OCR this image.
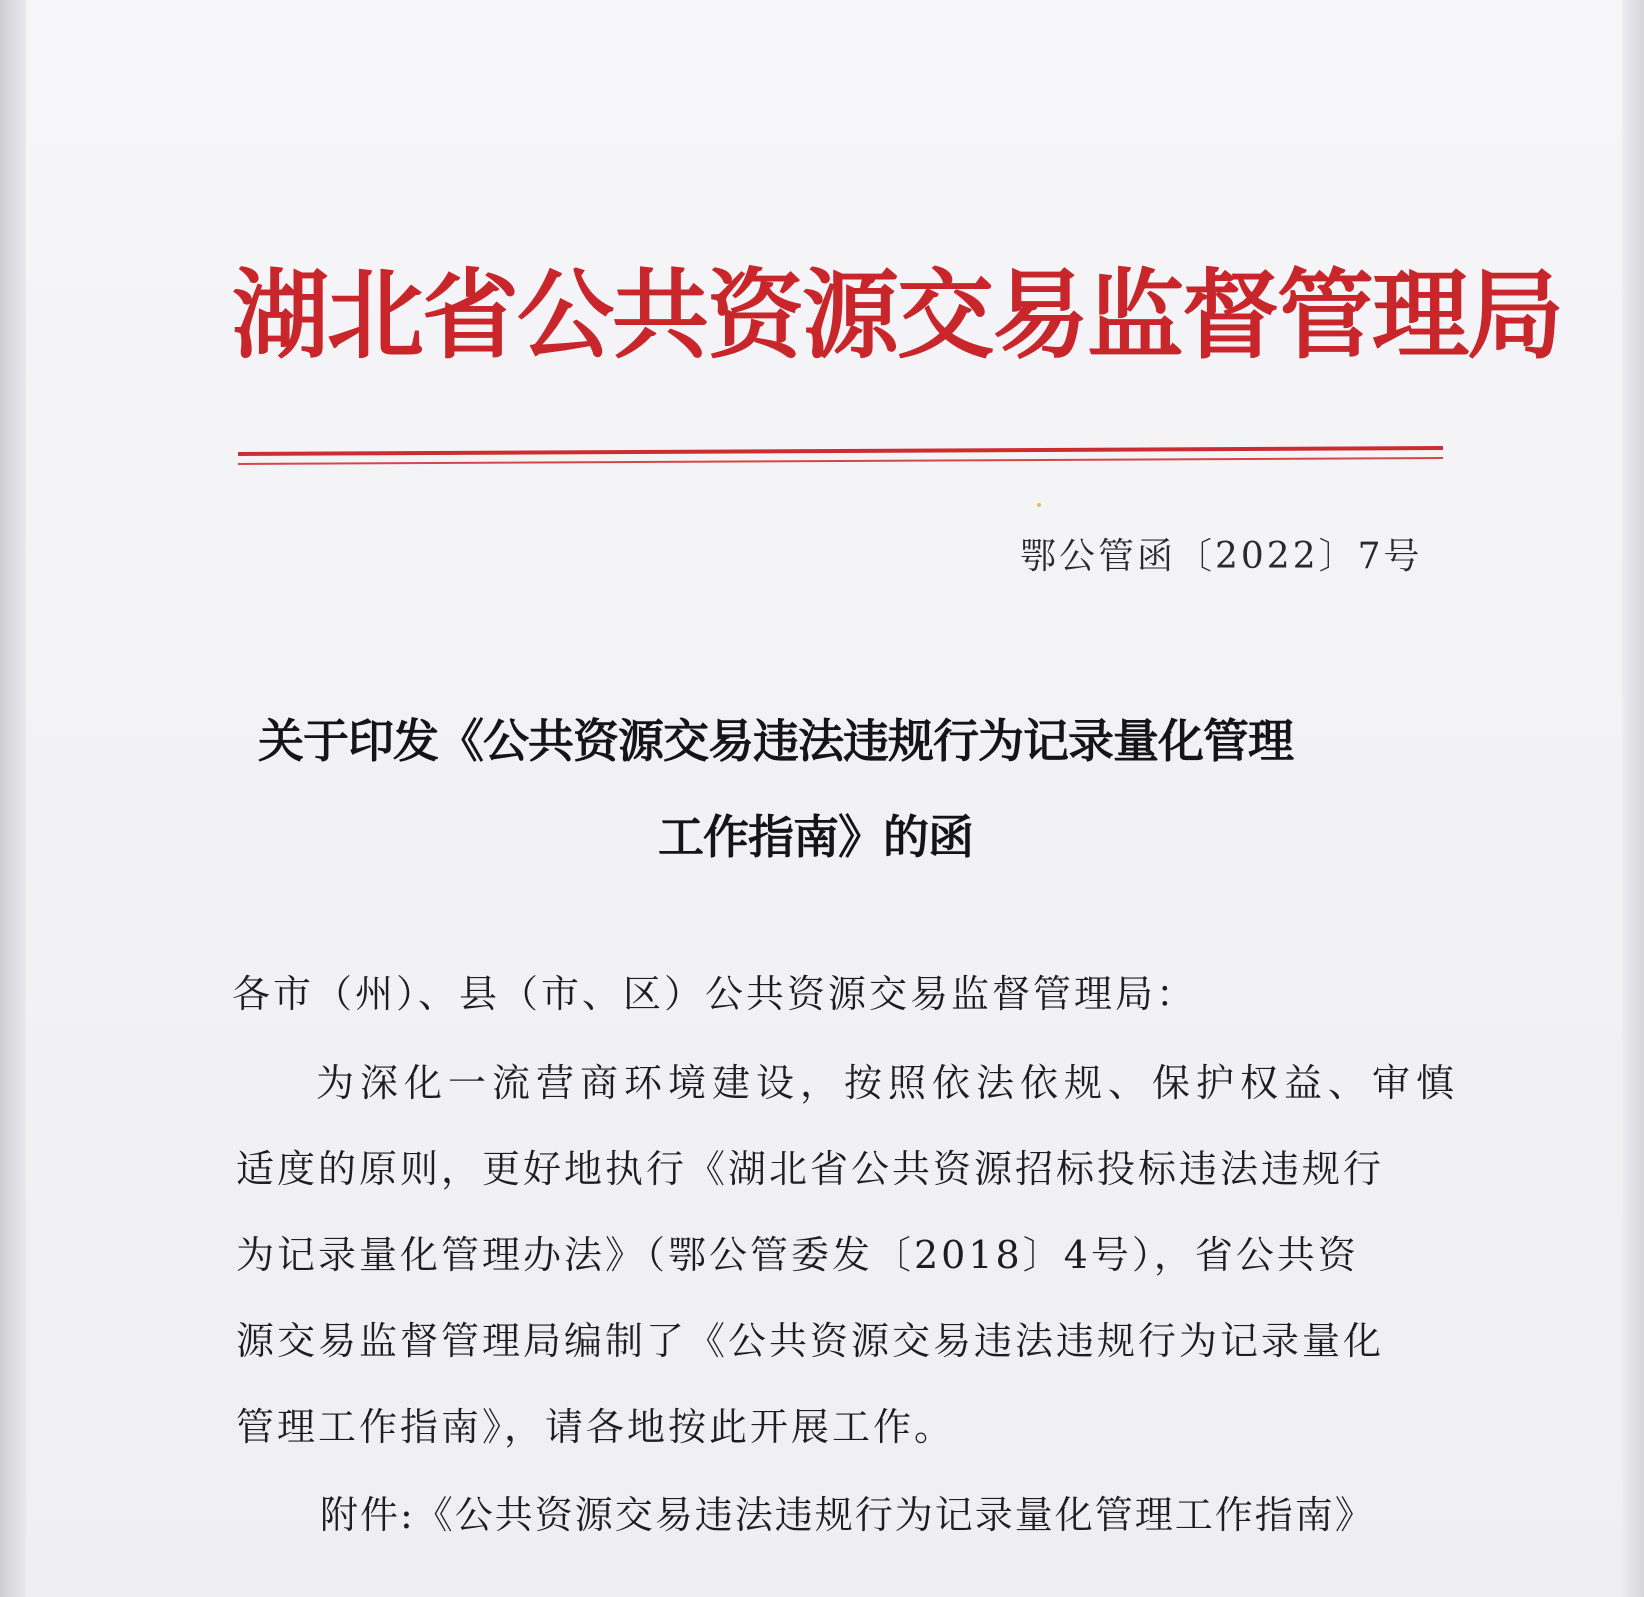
湖北省公共资源交易监督管理局
鄂公管函〔2022〕7号
关于印发《公共资源交易违法违规行为记录量化管理
工作指南》的函
各市（州）、县（市、区）公共资源交易监督管理局：
为深化一流营商环境建设，按照依法依规、保护权益、审慎
适度的原则，更好地执行《湖北省公共资源招标投标违法违规行
为记录量化管理办法》（鄂公管委发〔2018〕4号），省公共资
源交易监督管理局编制了《公共资源交易违法违规行为记录量化
管理工作指南》，请各地按此开展工作。
附件:《公共资源交易违法违规行为记录量化管理工作指南》
